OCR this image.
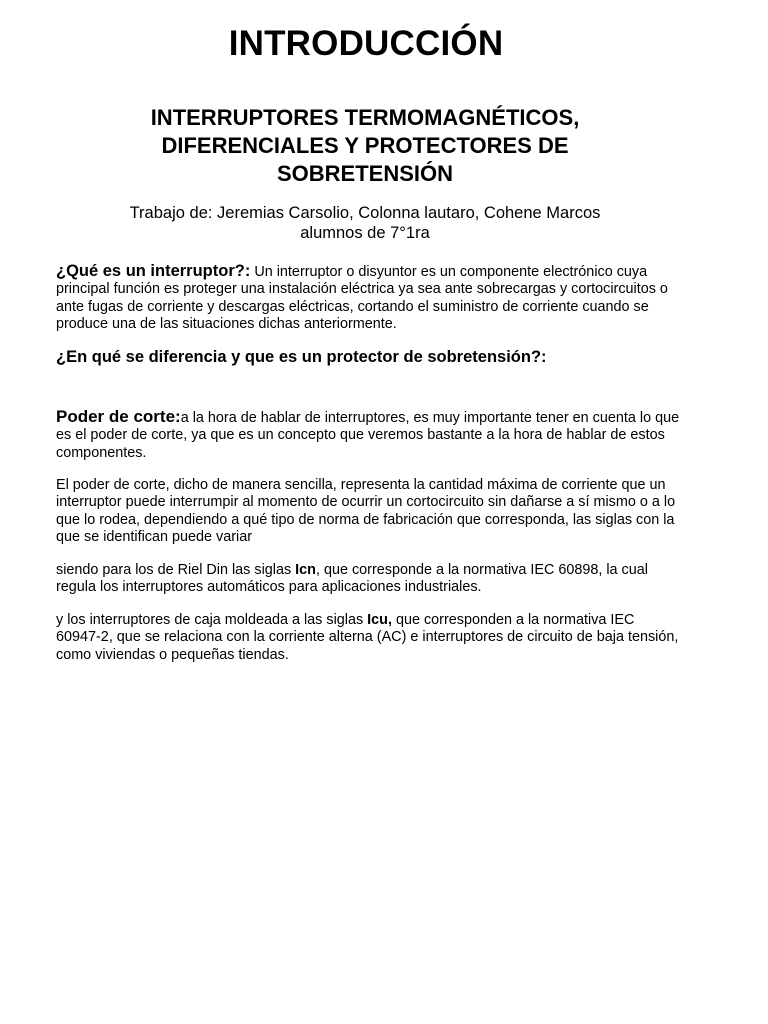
INTRODUCCIÓN
INTERRUPTORES TERMOMAGNÉTICOS, DIFERENCIALES Y PROTECTORES DE SOBRETENSIÓN
Trabajo de: Jeremias Carsolio, Colonna lautaro, Cohene Marcos
alumnos de 7°1ra

¿Qué es un interruptor?: Un interruptor o disyuntor es un componente electrónico cuya principal función es proteger una instalación eléctrica ya sea ante sobrecargas y cortocircuitos o ante fugas de corriente y descargas eléctricas, cortando el suministro de corriente cuando se produce una de las situaciones dichas anteriormente.

¿En qué se diferencia y que es un protector de sobretensión?:

Poder de corte:a la hora de hablar de interruptores, es muy importante tener en cuenta lo que es el poder de corte, ya que es un concepto que veremos bastante a la hora de hablar de estos componentes.

El poder de corte, dicho de manera sencilla, representa la cantidad máxima de corriente que un interruptor puede interrumpir al momento de ocurrir un cortocircuito sin dañarse a sí mismo o a lo que lo rodea, dependiendo a qué tipo de norma de fabricación que corresponda, las siglas con la que se identifican puede variar

siendo para los de Riel Din las siglas Icn, que corresponde a la normativa IEC 60898, la cual regula los interruptores automáticos para aplicaciones industriales.

y los interruptores de caja moldeada a las siglas Icu, que corresponden a la normativa IEC 60947-2, que se relaciona con la corriente alterna (AC) e interruptores de circuito de baja tensión, como viviendas o pequeñas tiendas.
